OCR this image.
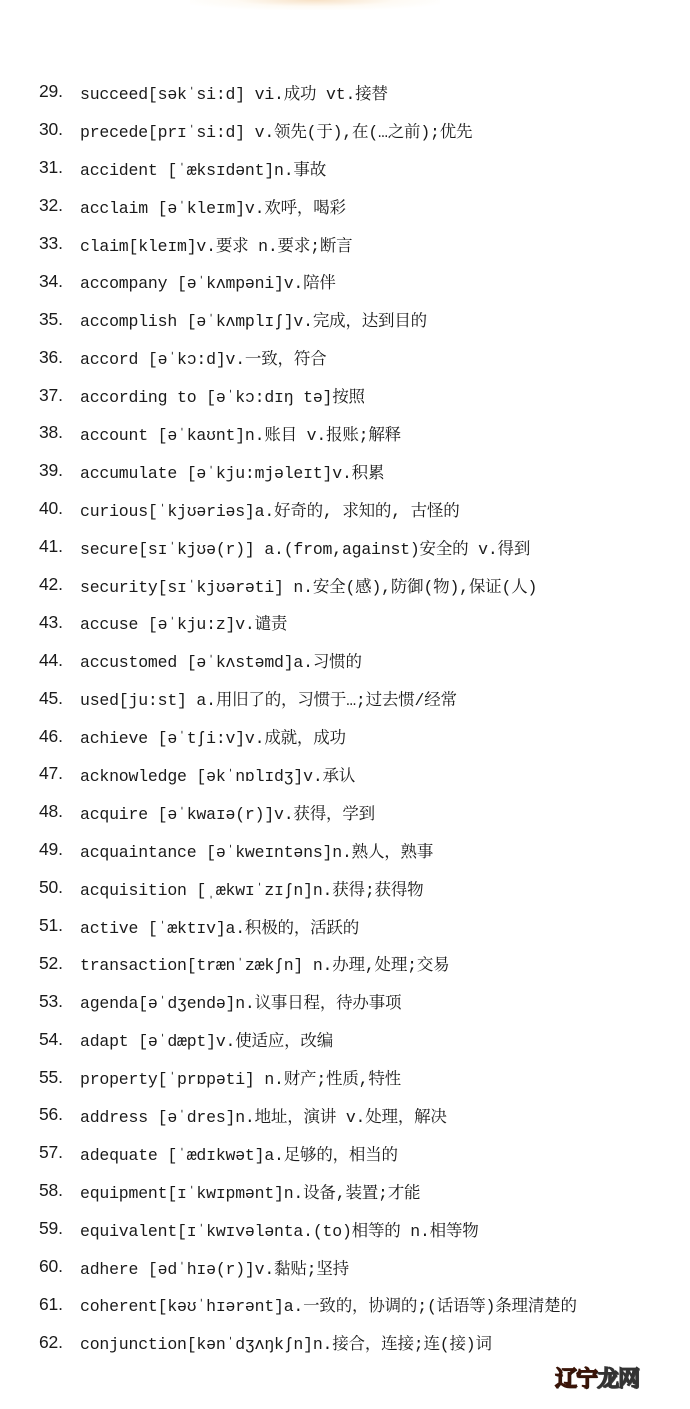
29.	succeed[səkˈsi:d] vi.成功 vt.接替
30.	precede[prɪˈsi:d] v.领先(于),在(…之前);优先
31.	accident [ˈæksɪdənt]n.事故
32.	acclaim [əˈkleɪm]v.欢呼，喝彩
33.	claim[kleɪm]v.要求 n.要求;断言
34.	accompany [əˈkʌmpəni]v.陪伴
35.	accomplish [əˈkʌmplɪʃ]v.完成，达到目的
36.	accord [əˈkɔ:d]v.一致，符合
37.	according to [əˈkɔ:dɪŋ tə]按照
38.	account [əˈkaʊnt]n.账目 v.报账;解释
39.	accumulate [əˈkju:mjəleɪt]v.积累
40.	curious[ˈkjʊəriəs]a.好奇的, 求知的, 古怪的
41.	secure[sɪˈkjʊə(r)] a.(from,against)安全的 v.得到
42.	security[sɪˈkjʊərəti] n.安全(感),防御(物),保证(人)
43.	accuse [əˈkju:z]v.谴责
44.	accustomed [əˈkʌstəmd]a.习惯的
45.	used[ju:st] a.用旧了的，习惯于…;过去惯/经常
46.	achieve [əˈtʃi:v]v.成就，成功
47.	acknowledge [əkˈnɒlɪdʒ]v.承认
48.	acquire [əˈkwaɪə(r)]v.获得，学到
49.	acquaintance [əˈkweɪntəns]n.熟人，熟事
50.	acquisition [ˌækwɪˈzɪʃn]n.获得;获得物
51.	active [ˈæktɪv]a.积极的，活跃的
52.	transaction[trænˈzækʃn] n.办理,处理;交易
53.	agenda[əˈdʒendə]n.议事日程，待办事项
54.	adapt [əˈdæpt]v.使适应，改编
55.	property[ˈprɒpəti] n.财产;性质,特性
56.	address [əˈdres]n.地址，演讲 v.处理，解决
57.	adequate [ˈædɪkwət]a.足够的，相当的
58.	equipment[ɪˈkwɪpmənt]n.设备,装置;才能
59.	equivalent[ɪˈkwɪvələnta.(to)相等的 n.相等物
60.	adhere [ədˈhɪə(r)]v.黏贴;坚持
61.	coherent[kəʊˈhɪərənt]a.一致的，协调的;(话语等)条理清楚的
62.	conjunction[kənˈdʒʌŋkʃn]n.接合，连接;连(接)词
辽宁龙网
